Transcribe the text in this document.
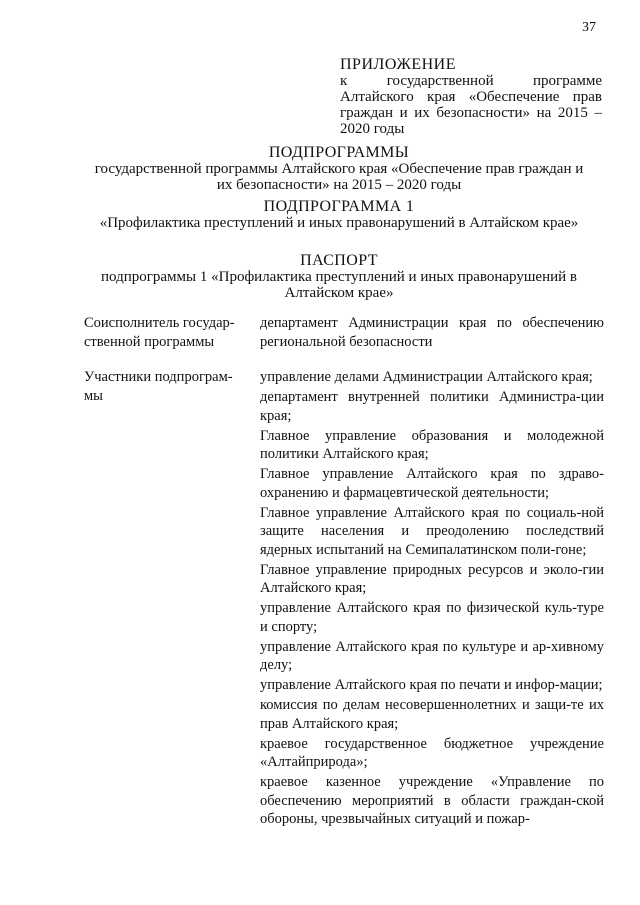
37
ПРИЛОЖЕНИЕ
к государственной программе Алтайского края «Обеспечение прав граждан и их безопасности» на 2015 – 2020 годы
ПОДПРОГРАММЫ
государственной программы Алтайского края «Обеспечение прав граждан и
их безопасности» на 2015 – 2020 годы
ПОДПРОГРАММА 1
«Профилактика преступлений и иных правонарушений в Алтайском крае»
ПАСПОРТ
подпрограммы 1 «Профилактика преступлений и иных правонарушений в
Алтайском крае»
Соисполнитель государ-ственной программы

департамент Администрации края по обеспечению региональной безопасности

Участники подпрограм-мы

управление делами Администрации Алтайского края;

департамент внутренней политики Администра-ции края;

Главное управление образования и молодежной политики Алтайского края;

Главное управление Алтайского края по здраво-охранению и фармацевтической деятельности;

Главное управление Алтайского края по социаль-ной защите населения и преодолению последствий ядерных испытаний на Семипалатинском поли-гоне;

Главное управление природных ресурсов и эколо-гии Алтайского края;

управление Алтайского края по физической куль-туре и спорту;

управление Алтайского края по культуре и ар-хивному делу;

управление Алтайского края по печати и инфор-мации;

комиссия по делам несовершеннолетних и защи-те их прав Алтайского края;

краевое государственное бюджетное учреждение «Алтайприрода»;

краевое казенное учреждение «Управление по обеспечению мероприятий в области граждан-ской обороны, чрезвычайных ситуаций и пожар-
